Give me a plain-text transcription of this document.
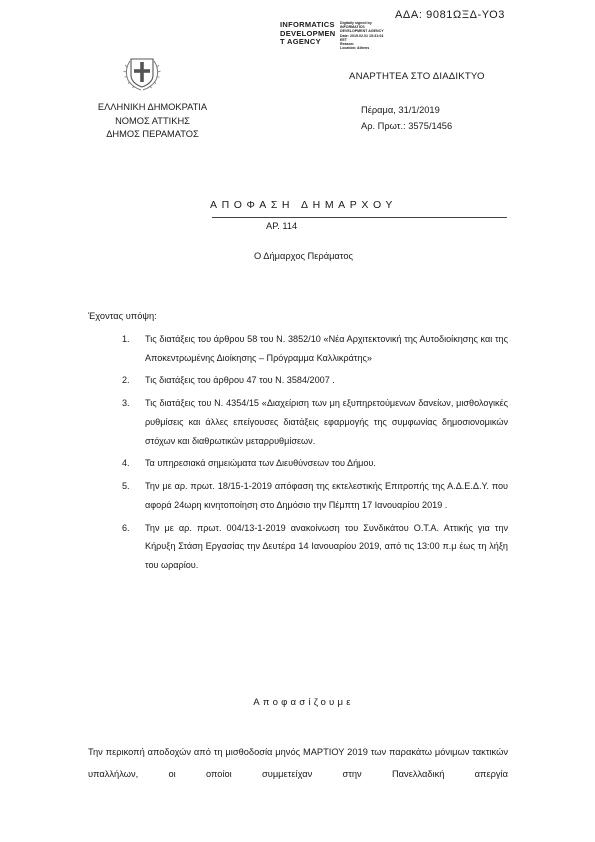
ΑΔΑ: 9081ΩΞΔ-ΥΟ3
INFORMATICS
DEVELOPMEN
T AGENCY
Digitally signed by
INFORMATICS
DEVELOPMENT AGENCY
Date: 2019.02.01 15:31:04
EET
Reason:
Location: Athens
ΑΝΑΡΤΗΤΕΑ ΣΤΟ ΔΙΑΔΙΚΤΥΟ
ΕΛΛΗΝΙΚΗ ΔΗΜΟΚΡΑΤΙΑ
ΝΟΜΟΣ ΑΤΤΙΚΗΣ
ΔΗΜΟΣ ΠΕΡΑΜΑΤΟΣ
Πέραμα, 31/1/2019
Αρ. Πρωτ.: 3575/1456
ΑΠΟΦΑΣΗ ΔΗΜΑΡΧΟΥ
ΑΡ. 114
Ο Δήμαρχος Περάματος
Έχοντας υπόψη:
1. Τις διατάξεις του άρθρου 58 του Ν. 3852/10 «Νέα Αρχιτεκτονική της Αυτοδιοίκησης και της Αποκεντρωμένης Διοίκησης – Πρόγραμμα Καλλικράτης»
2. Τις διατάξεις του άρθρου 47 του Ν. 3584/2007 .
3. Τις διατάξεις του Ν. 4354/15 «Διαχείριση των μη εξυπηρετούμενων δανείων, μισθολογικές ρυθμίσεις και άλλες επείγουσες διατάξεις εφαρμογής της συμφωνίας δημοσιονομικών στόχων και διαθρωτικών μεταρρυθμίσεων.
4. Τα υπηρεσιακά σημειώματα των Διευθύνσεων του Δήμου.
5. Την με αρ. πρωτ. 18/15-1-2019 απόφαση της εκτελεστικής Επιτροπής της Α.Δ.Ε.Δ.Υ. που αφορά 24ωρη κινητοποίηση στο Δημόσιο την Πέμπτη 17 Ιανουαρίου 2019 .
6. Την με αρ. πρωτ. 004/13-1-2019 ανακοίνωση του Συνδικάτου Ο.Τ.Α. Αττικής για την Κήρυξη Στάση Εργασίας την Δευτέρα 14 Ιανουαρίου 2019, από τις 13:00 π.μ έως τη λήξη του ωραρίου.
Αποφασίζουμε
Την περικοπή αποδοχών από τη μισθοδοσία μηνός ΜΑΡΤΙΟΥ 2019 των παρακάτω μόνιμων τακτικών υπαλλήλων, οι οποίοι συμμετείχαν στην Πανελλαδική απεργία
